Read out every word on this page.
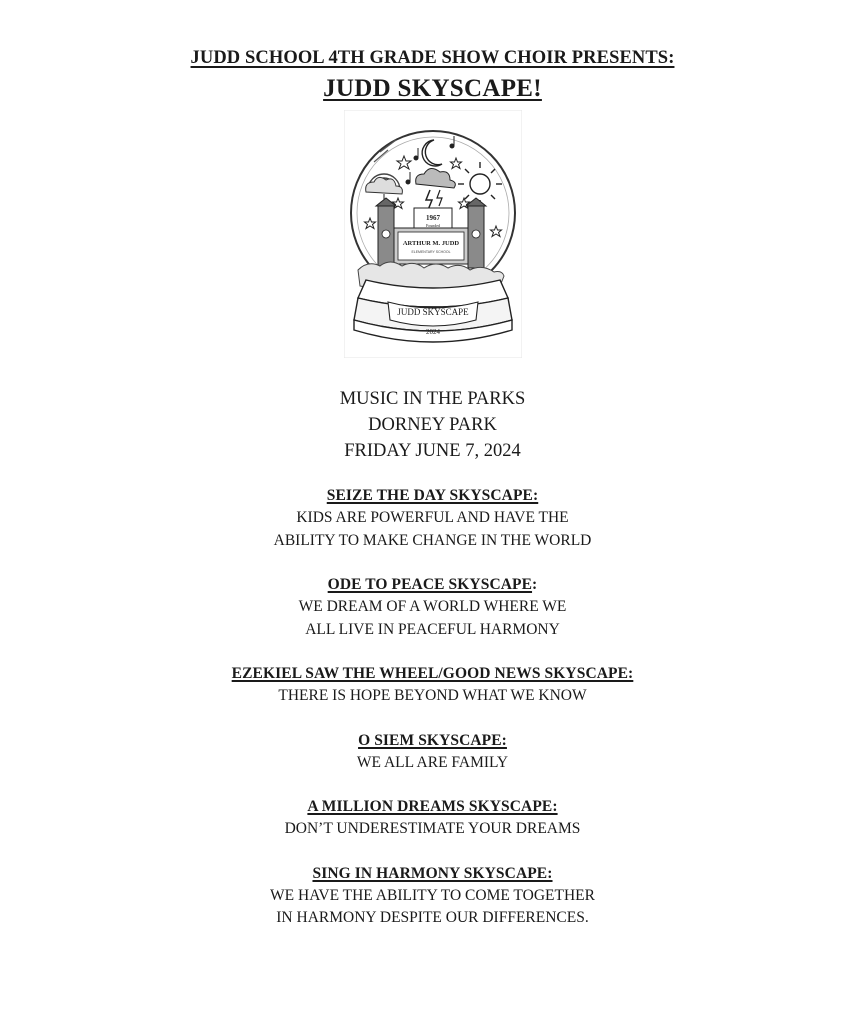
JUDD SCHOOL 4TH GRADE SHOW CHOIR PRESENTS:
JUDD SKYSCAPE!
1967
Founded
ARTHUR M. JUDD
ELEMENTARY SCHOOL
JUDD SKYSCAPE
2024
MUSIC IN THE PARKS
DORNEY PARK
FRIDAY JUNE 7, 2024
SEIZE THE DAY SKYSCAPE:
KIDS ARE POWERFUL AND HAVE THE
ABILITY TO MAKE CHANGE IN THE WORLD
ODE TO PEACE SKYSCAPE:
WE DREAM OF A WORLD WHERE WE
ALL LIVE IN PEACEFUL HARMONY
EZEKIEL SAW THE WHEEL/GOOD NEWS SKYSCAPE:
THERE IS HOPE BEYOND WHAT WE KNOW
O SIEM SKYSCAPE:
WE ALL ARE FAMILY
A MILLION DREAMS SKYSCAPE:
DON’T UNDERESTIMATE YOUR DREAMS
SING IN HARMONY SKYSCAPE:
WE HAVE THE ABILITY TO COME TOGETHER
IN HARMONY DESPITE OUR DIFFERENCES.
